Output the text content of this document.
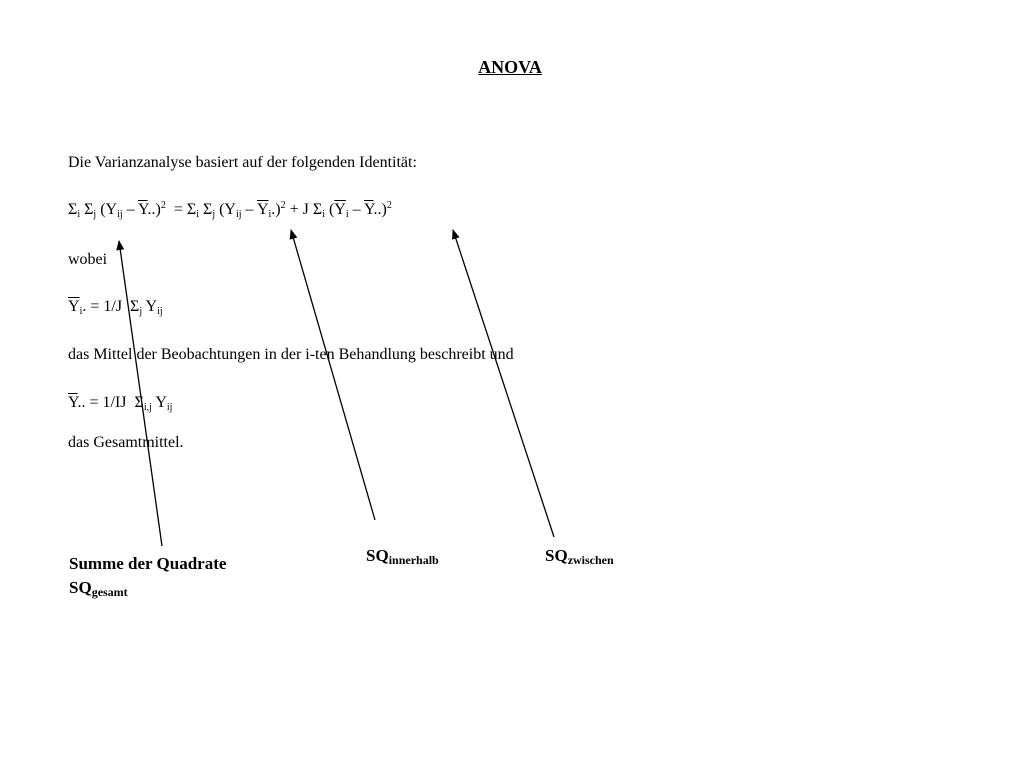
ANOVA
Die Varianzanalyse basiert auf der folgenden Identität:
$\Sigma_i$ $\Sigma_j$ $(Y_{ij} - \overline{Y}..)^2 = \Sigma_i$ $\Sigma_j$ $(Y_{ij} - \overline{Y}_i.)^2 + J$ $\Sigma_i$ $(\overline{Y}_i - \overline{Y}..)^2$
wobei
$\overline{Y}_i$. = 1/J  $\Sigma_j$ $Y_{ij}$
das Mittel der Beobachtungen in der i-ten Behandlung beschreibt und
$\overline{Y}$.. = 1/IJ  $\Sigma_{i,j}$ $Y_{ij}$
das Gesamtmittel.
Summe der Quadrate
$SQ_{gesamt}$
$SQ_{innerhalb}$	$SQ_{zwischen}$
